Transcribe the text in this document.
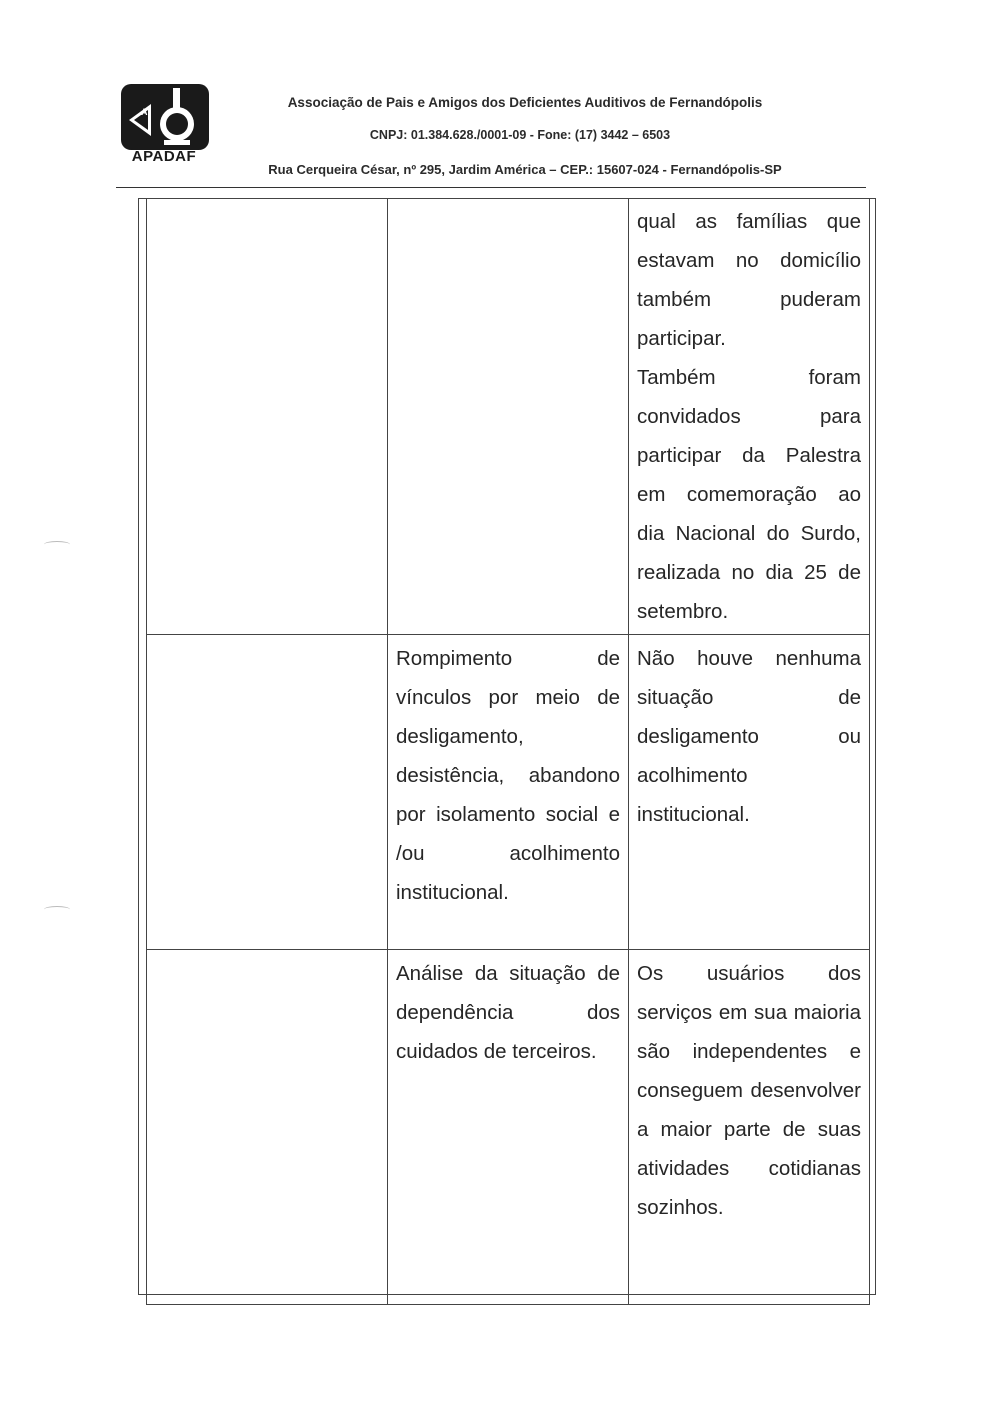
A
APADAF
Associação de Pais e Amigos dos Deficientes Auditivos de Fernandópolis
CNPJ: 01.384.628./0001-09 - Fone: (17) 3442 – 6503
Rua Cerqueira César, nº 295, Jardim América – CEP.: 15607-024 - Fernandópolis-SP
		qual as famílias que estavam no domicílio também puderam participar.
Também foram convidados para participar da Palestra em comemoração ao dia Nacional do Surdo, realizada no dia 25 de setembro.
	Rompimento de vínculos por meio de desligamento, desistência, abandono por isolamento social e /ou acolhimento institucional.	Não houve nenhuma situação de desligamento ou acolhimento institucional.
	Análise da situação de dependência dos cuidados de terceiros.	Os usuários dos serviços em sua maioria são independentes e conseguem desenvolver a maior parte de suas atividades cotidianas sozinhos.
